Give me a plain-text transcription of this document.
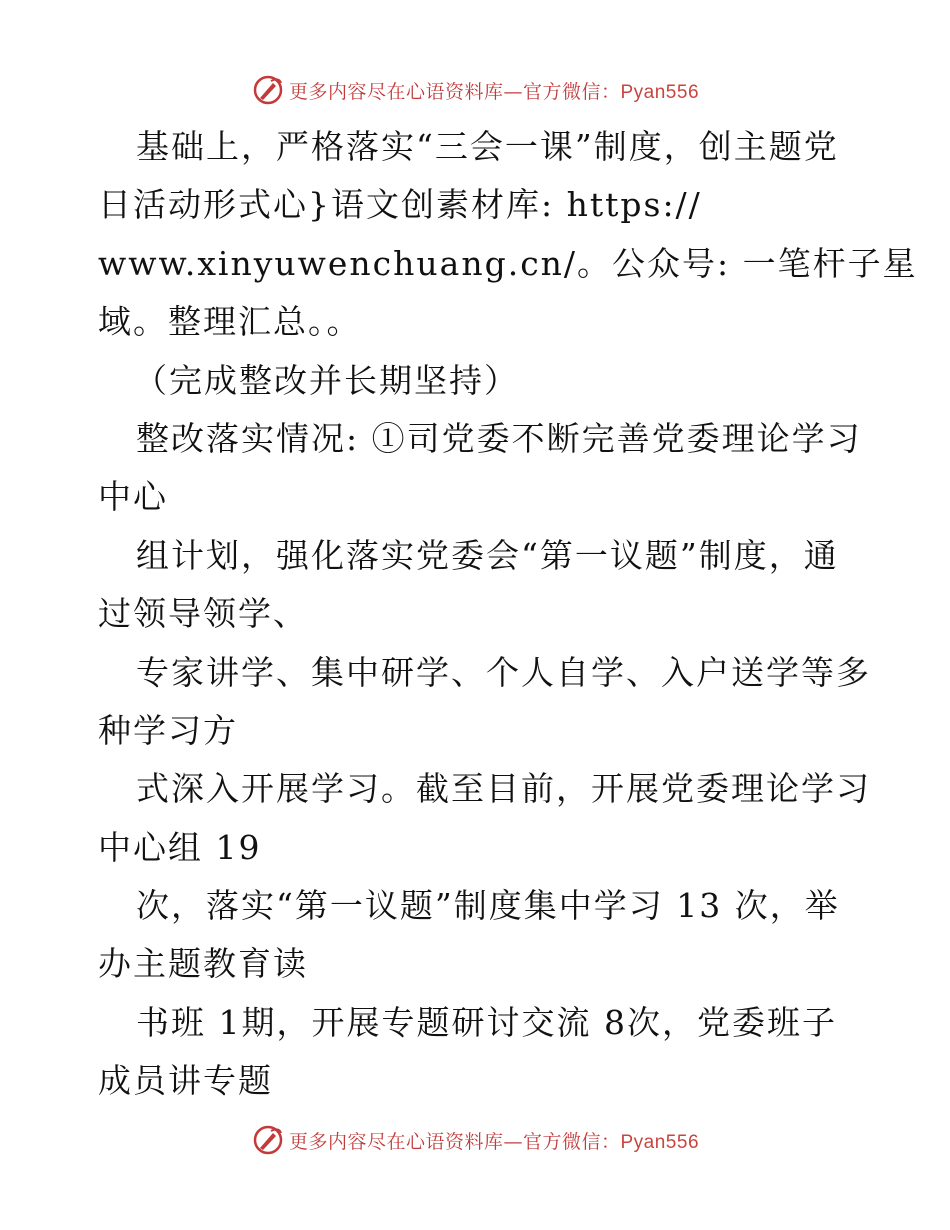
更多内容尽在心语资料库—官方微信：Pyan556
基础上，严格落实“三会一课”制度，创主题党
日活动形式心}语文创素材库: https://
www.xinyuwenchuang.cn/。公众号: 一笔杆子星
域。整理汇总。。
（完成整改并长期坚持）
整改落实情况: ①司党委不断完善党委理论学习
中心
组计划，强化落实党委会“第一议题”制度，通
过领导领学、
专家讲学、集中研学、个人自学、入户送学等多
种学习方
式深入开展学习。截至目前，开展党委理论学习
中心组 19
次，落实“第一议题”制度集中学习 13 次，举
办主题教育读
书班 1期，开展专题研讨交流 8次，党委班子
成员讲专题
更多内容尽在心语资料库—官方微信：Pyan556
